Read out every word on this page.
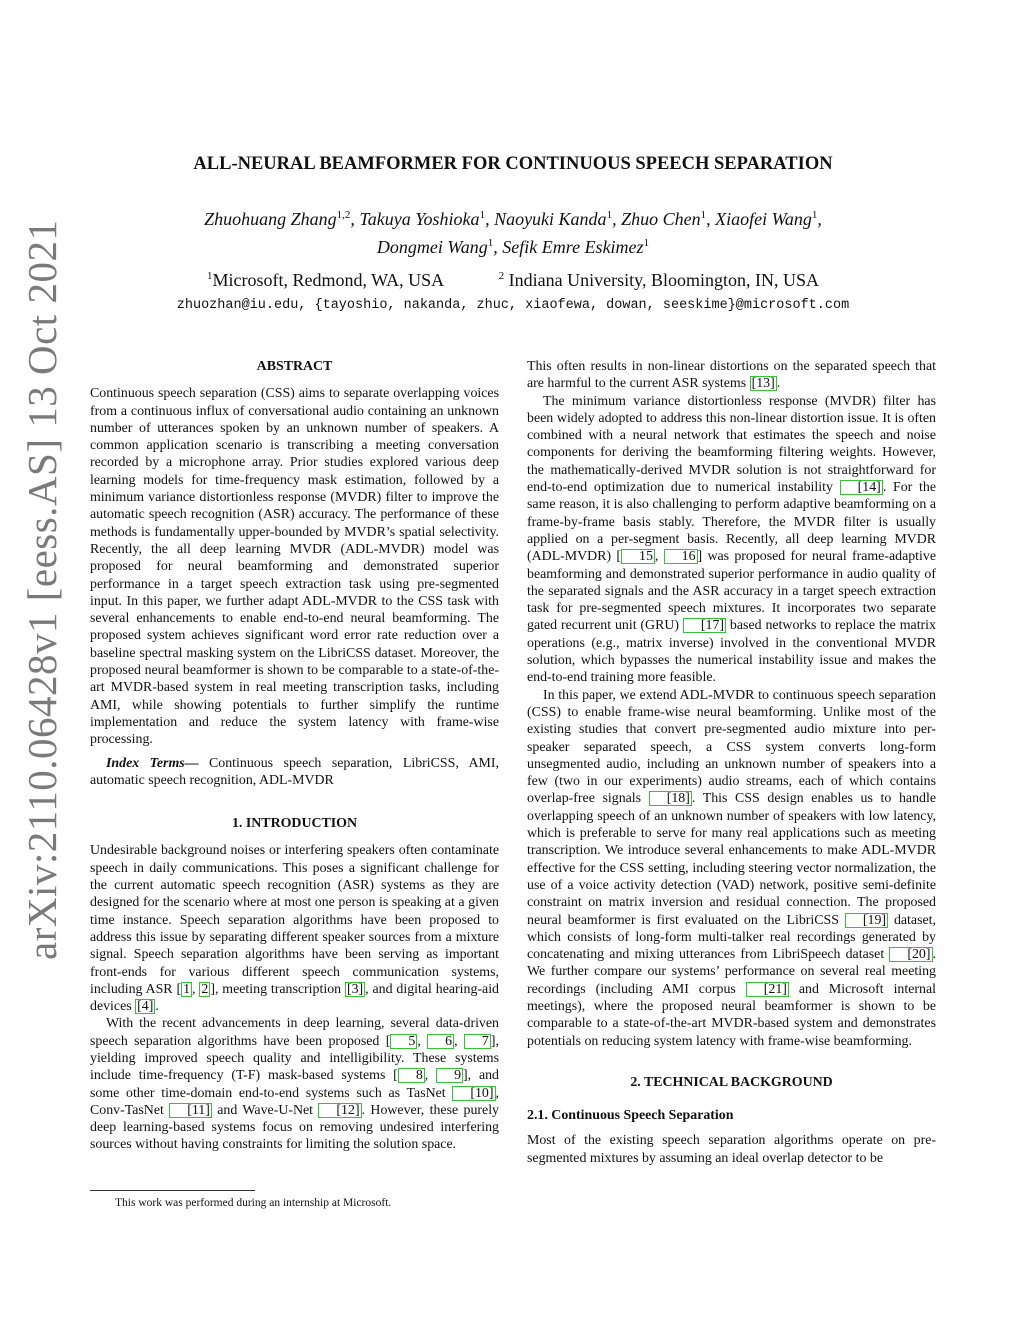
arXiv:2110.06428v1 [eess.AS] 13 Oct 2021
ALL-NEURAL BEAMFORMER FOR CONTINUOUS SPEECH SEPARATION
Zhuohuang Zhang$^{1,2}$, Takuya Yoshioka$^1$, Naoyuki Kanda$^1$, Zhuo Chen$^1$, Xiaofei Wang$^1$,
Dongmei Wang$^1$, Sefik Emre Eskimez$^1$
$^1$Microsoft, Redmond, WA, USA	$^2$ Indiana University, Bloomington, IN, USA
zhuozhan@iu.edu, {tayoshio, nakanda, zhuc, xiaofewa, dowan, seeskime}@microsoft.com
ABSTRACT

Continuous speech separation (CSS) aims to separate overlapping voices from a continuous influx of conversational audio containing an unknown number of utterances spoken by an unknown number of speakers. A common application scenario is transcribing a meeting conversation recorded by a microphone array. Prior studies explored various deep learning models for time-frequency mask estimation, followed by a minimum variance distortionless response (MVDR) filter to improve the automatic speech recognition (ASR) accuracy. The performance of these methods is fundamentally upper-bounded by MVDR’s spatial selectivity. Recently, the all deep learning MVDR (ADL-MVDR) model was proposed for neural beamforming and demonstrated superior performance in a target speech extraction task using pre-segmented input. In this paper, we further adapt ADL-MVDR to the CSS task with several enhancements to enable end-to-end neural beamforming. The proposed system achieves significant word error rate reduction over a baseline spectral masking system on the LibriCSS dataset. Moreover, the proposed neural beamformer is shown to be comparable to a state-of-the-art MVDR-based system in real meeting transcription tasks, including AMI, while showing potentials to further simplify the runtime implementation and reduce the system latency with frame-wise processing.

Index Terms— Continuous speech separation, LibriCSS, AMI, automatic speech recognition, ADL-MVDR

1. INTRODUCTION

Undesirable background noises or interfering speakers often contaminate speech in daily communications. This poses a significant challenge for the current automatic speech recognition (ASR) systems as they are designed for the scenario where at most one person is speaking at a given time instance. Speech separation algorithms have been proposed to address this issue by separating different speaker sources from a mixture signal. Speech separation algorithms have been serving as important front-ends for various different speech communication systems, including ASR [ 1 , 2 ], meeting transcription [3] , and digital hearing-aid devices [4] .

With the recent advancements in deep learning, several data-driven speech separation algorithms have been proposed [ 5 , 6 , 7 ], yielding improved speech quality and intelligibility. These systems include time-frequency (T-F) mask-based systems [ 8 , 9 ], and some other time-domain end-to-end systems such as TasNet [10] , Conv-TasNet [11] and Wave-U-Net [12] . However, these purely deep learning-based systems focus on removing undesired interfering sources without having constraints for limiting the solution space.

This often results in non-linear distortions on the separated speech that are harmful to the current ASR systems [13] .

The minimum variance distortionless response (MVDR) filter has been widely adopted to address this non-linear distortion issue. It is often combined with a neural network that estimates the speech and noise components for deriving the beamforming filtering weights. However, the mathematically-derived MVDR solution is not straightforward for end-to-end optimization due to numerical instability [14] . For the same reason, it is also challenging to perform adaptive beamforming on a frame-by-frame basis stably. Therefore, the MVDR filter is usually applied on a per-segment basis. Recently, all deep learning MVDR (ADL-MVDR) [ 15 , 16 ] was proposed for neural frame-adaptive beamforming and demonstrated superior performance in audio quality of the separated signals and the ASR accuracy in a target speech extraction task for pre-segmented speech mixtures. It incorporates two separate gated recurrent unit (GRU) [17] based networks to replace the matrix operations (e.g., matrix inverse) involved in the conventional MVDR solution, which bypasses the numerical instability issue and makes the end-to-end training more feasible.

In this paper, we extend ADL-MVDR to continuous speech separation (CSS) to enable frame-wise neural beamforming. Unlike most of the existing studies that convert pre-segmented audio mixture into per-speaker separated speech, a CSS system converts long-form unsegmented audio, including an unknown number of speakers into a few (two in our experiments) audio streams, each of which contains overlap-free signals [18] . This CSS design enables us to handle overlapping speech of an unknown number of speakers with low latency, which is preferable to serve for many real applications such as meeting transcription. We introduce several enhancements to make ADL-MVDR effective for the CSS setting, including steering vector normalization, the use of a voice activity detection (VAD) network, positive semi-definite constraint on matrix inversion and residual connection. The proposed neural beamformer is first evaluated on the LibriCSS [19] dataset, which consists of long-form multi-talker real recordings generated by concatenating and mixing utterances from LibriSpeech dataset [20] . We further compare our systems’ performance on several real meeting recordings (including AMI corpus [21] and Microsoft internal meetings), where the proposed neural beamformer is shown to be comparable to a state-of-the-art MVDR-based system and demonstrates potentials on reducing system latency with frame-wise beamforming.

2. TECHNICAL BACKGROUND

2.1. Continuous Speech Separation

Most of the existing speech separation algorithms operate on pre-segmented mixtures by assuming an ideal overlap detector to be

This work was performed during an internship at Microsoft.
